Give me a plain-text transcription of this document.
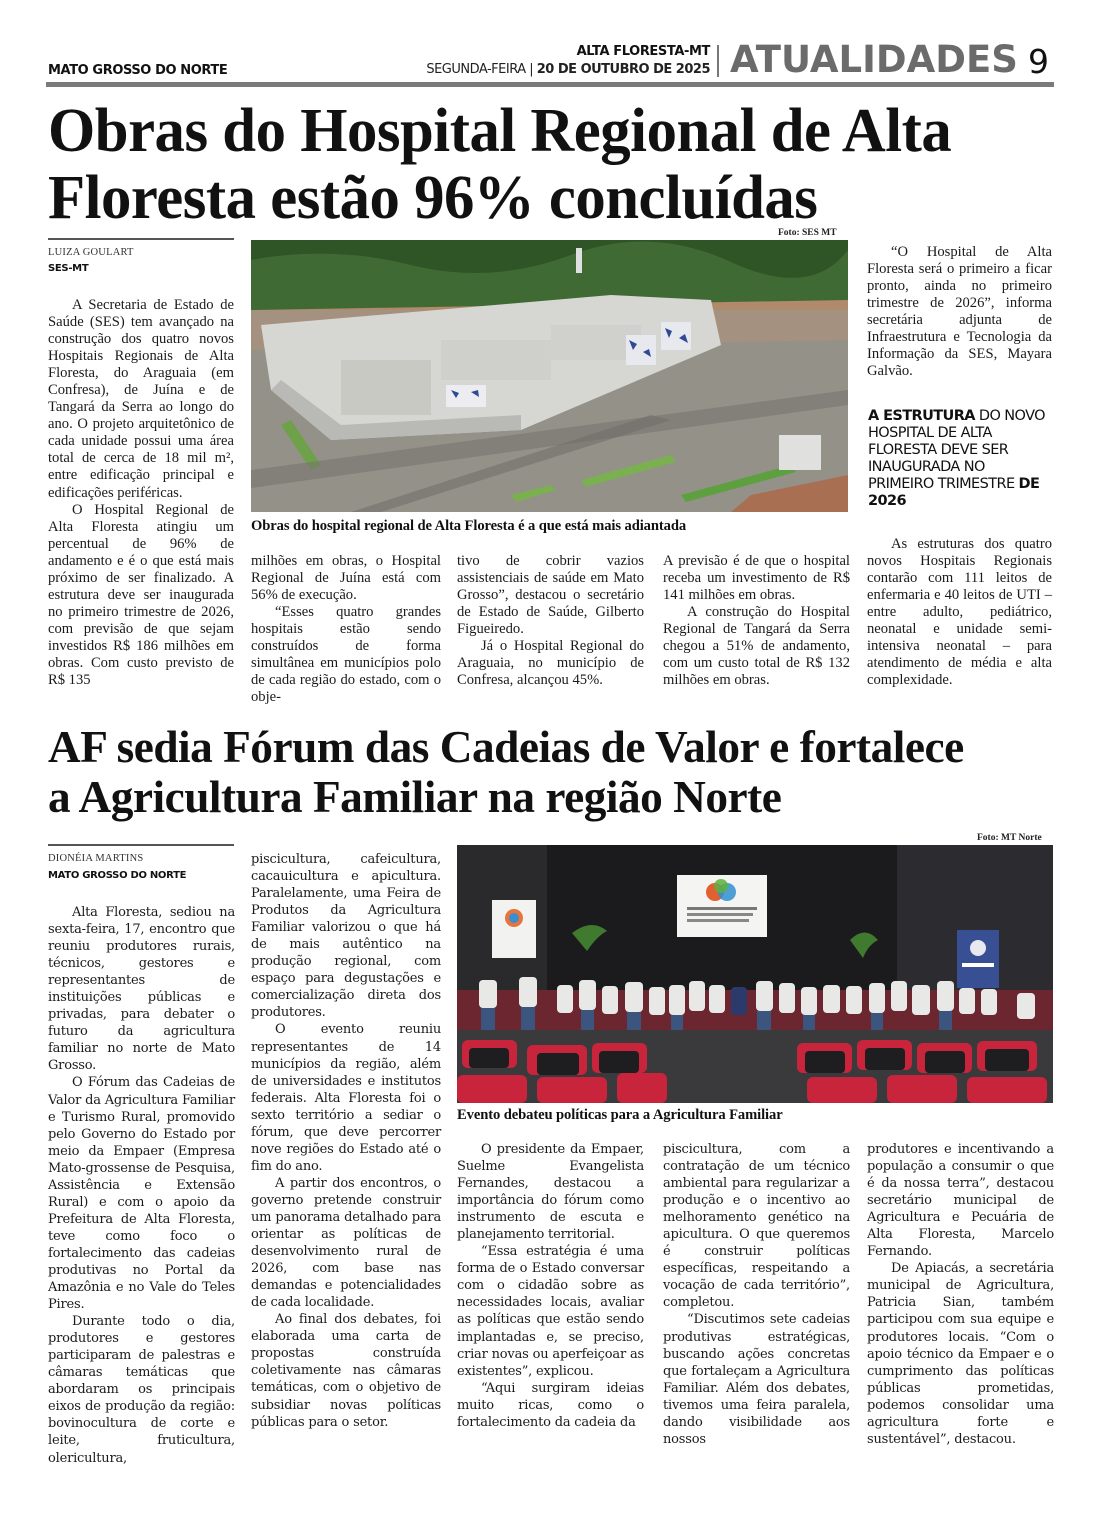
MATO GROSSO DO NORTE
ALTA FLORESTA-MT
SEGUNDA-FEIRA | 20 DE OUTUBRO DE 2025 ATUALIDADES 9
Obras do Hospital Regional de Alta
Floresta estão 96% concluídas
Foto: SES MT
LUIZA GOULART
SES-MT
Obras do hospital regional de Alta Floresta é a que está mais adiantada

A Secretaria de Estado de Saúde (SES) tem avançado na construção dos quatro novos Hospitais Regionais de Alta Floresta, do Araguaia (em Confresa), de Juína e de Tangará da Serra ao longo do ano. O projeto arquitetônico de cada unidade possui uma área total de cerca de 18 mil m², entre edificação principal e edificações periféricas.

O Hospital Regional de Alta Floresta atingiu um percentual de 96% de andamento e é o que está mais próximo de ser finalizado. A estrutura deve ser inaugurada no primeiro trimestre de 2026, com previsão de que sejam investidos R$ 186 milhões em obras. Com custo previsto de R$ 135

milhões em obras, o Hospital Regional de Juína está com 56% de execução.

“Esses quatro grandes hospitais estão sendo construídos de forma simultânea em municípios polo de cada região do estado, com o obje-

tivo de cobrir vazios assistenciais de saúde em Mato Grosso”, destacou o secretário de Estado de Saúde, Gilberto Figueiredo.

Já o Hospital Regional do Araguaia, no município de Confresa, alcançou 45%.

A previsão é de que o hospital receba um investimento de R$ 141 milhões em obras.

A construção do Hospital Regional de Tangará da Serra chegou a 51% de andamento, com um custo total de R$ 132 milhões em obras.

“O Hospital de Alta Floresta será o primeiro a ficar pronto, ainda no primeiro trimestre de 2026”, informa secretária adjunta de Infraestrutura e Tecnologia da Informação da SES, Mayara Galvão.

A ESTRUTURA DO NOVO HOSPITAL DE ALTA FLORESTA DEVE SER INAUGURADA NO PRIMEIRO TRIMESTRE DE 2026

As estruturas dos quatro novos Hospitais Regionais contarão com 111 leitos de enfermaria e 40 leitos de UTI – entre adulto, pediátrico, neonatal e unidade semi-intensiva neonatal – para atendimento de média e alta complexidade.

AF sedia Fórum das Cadeias de Valor e fortalece
a Agricultura Familiar na região Norte
Foto: MT Norte
DIONÉIA MARTINS
MATO GROSSO DO NORTE
Evento debateu políticas para a Agricultura Familiar

Alta Floresta, sediou na sexta-feira, 17, encontro que reuniu produtores rurais, técnicos, gestores e representantes de instituições públicas e privadas, para debater o futuro da agricultura familiar no norte de Mato Grosso.

O Fórum das Cadeias de Valor da Agricultura Familiar e Turismo Rural, promovido pelo Governo do Estado por meio da Empaer (Empresa Mato-grossense de Pesquisa, Assistência e Extensão Rural) e com o apoio da Prefeitura de Alta Floresta, teve como foco o fortalecimento das cadeias produtivas no Portal da Amazônia e no Vale do Teles Pires.

Durante todo o dia, produtores e gestores participaram de palestras e câmaras temáticas que abordaram os principais eixos de produção da região: bovinocultura de corte e leite, fruticultura, olericultura,

piscicultura, cafeicultura, cacauicultura e apicultura. Paralelamente, uma Feira de Produtos da Agricultura Familiar valorizou o que há de mais autêntico na produção regional, com espaço para degustações e comercialização direta dos produtores.

O evento reuniu representantes de 14 municípios da região, além de universidades e institutos federais. Alta Floresta foi o sexto território a sediar o fórum, que deve percorrer nove regiões do Estado até o fim do ano.

A partir dos encontros, o governo pretende construir um panorama detalhado para orientar as políticas de desenvolvimento rural de 2026, com base nas demandas e potencialidades de cada localidade.

Ao final dos debates, foi elaborada uma carta de propostas construída coletivamente nas câmaras temáticas, com o objetivo de subsidiar novas políticas públicas para o setor.

O presidente da Empaer, Suelme Evangelista Fernandes, destacou a importância do fórum como instrumento de escuta e planejamento territorial.

“Essa estratégia é uma forma de o Estado conversar com o cidadão sobre as necessidades locais, avaliar as políticas que estão sendo implantadas e, se preciso, criar novas ou aperfeiçoar as existentes”, explicou.

“Aqui surgiram ideias muito ricas, como o fortalecimento da cadeia da

piscicultura, com a contratação de um técnico ambiental para regularizar a produção e o incentivo ao melhoramento genético na apicultura. O que queremos é construir políticas específicas, respeitando a vocação de cada território”, completou.

“Discutimos sete cadeias produtivas estratégicas, buscando ações concretas que fortaleçam a Agricultura Familiar. Além dos debates, tivemos uma feira paralela, dando visibilidade aos nossos

produtores e incentivando a população a consumir o que é da nossa terra”, destacou secretário municipal de Agricultura e Pecuária de Alta Floresta, Marcelo Fernando.

De Apiacás, a secretária municipal de Agricultura, Patricia Sian, também participou com sua equipe e produtores locais. “Com o apoio técnico da Empaer e o cumprimento das políticas públicas prometidas, podemos consolidar uma agricultura forte e sustentável”, destacou.
